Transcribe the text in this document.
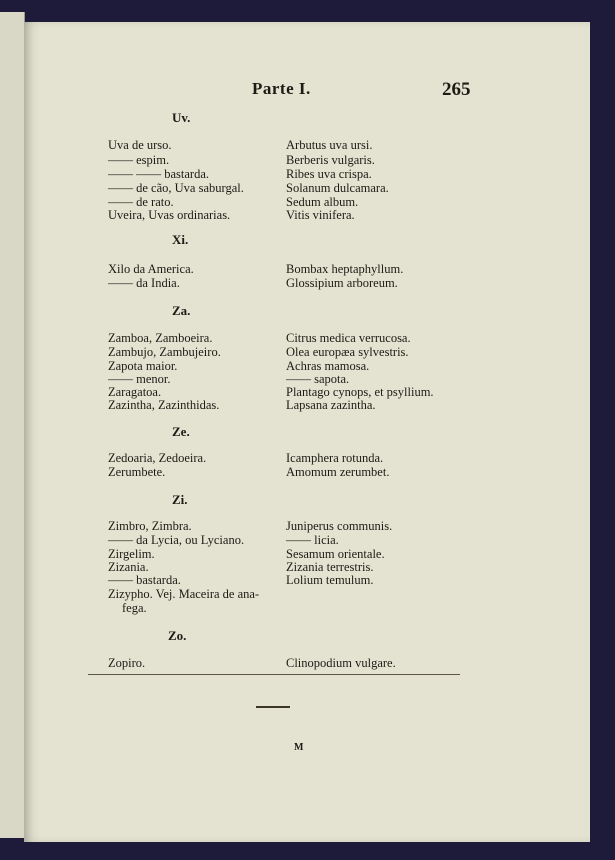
Parte I.	265
Uv.
Uva de urso.	Arbutus uva ursi.
—— espim.	Berberis vulgaris.
—— —— bastarda.	Ribes uva crispa.
—— de cão, Uva saburgal.	Solanum dulcamara.
—— de rato.	Sedum album.
Uveira, Uvas ordinarias.	Vitis vinifera.
Xi.
Xilo da America.	Bombax heptaphyllum.
—— da India.	Glossipium arboreum.
Za.
Zamboa, Zamboeira.	Citrus medica verrucosa.
Zambujo, Zambujeiro.	Olea europæa sylvestris.
Zapota maior.	Achras mamosa.
—— menor.	—— sapota.
Zaragatoa.	Plantago cynops, et psyllium.
Zazintha, Zazinthidas.	Lapsana zazintha.
Ze.
Zedoaria, Zedoeira.	Icamphera rotunda.
Zerumbete.	Amomum zerumbet.
Zi.
Zimbro, Zimbra.	Juniperus communis.
—— da Lycia, ou Lyciano.	—— licia.
Zirgelim.	Sesamum orientale.
Zizania.	Zizania terrestris.
—— bastarda.	Lolium temulum.
Zizypho. Vej. Maceira de ana-
fega.
Zo.
Zopiro.	Clinopodium vulgare.
M
